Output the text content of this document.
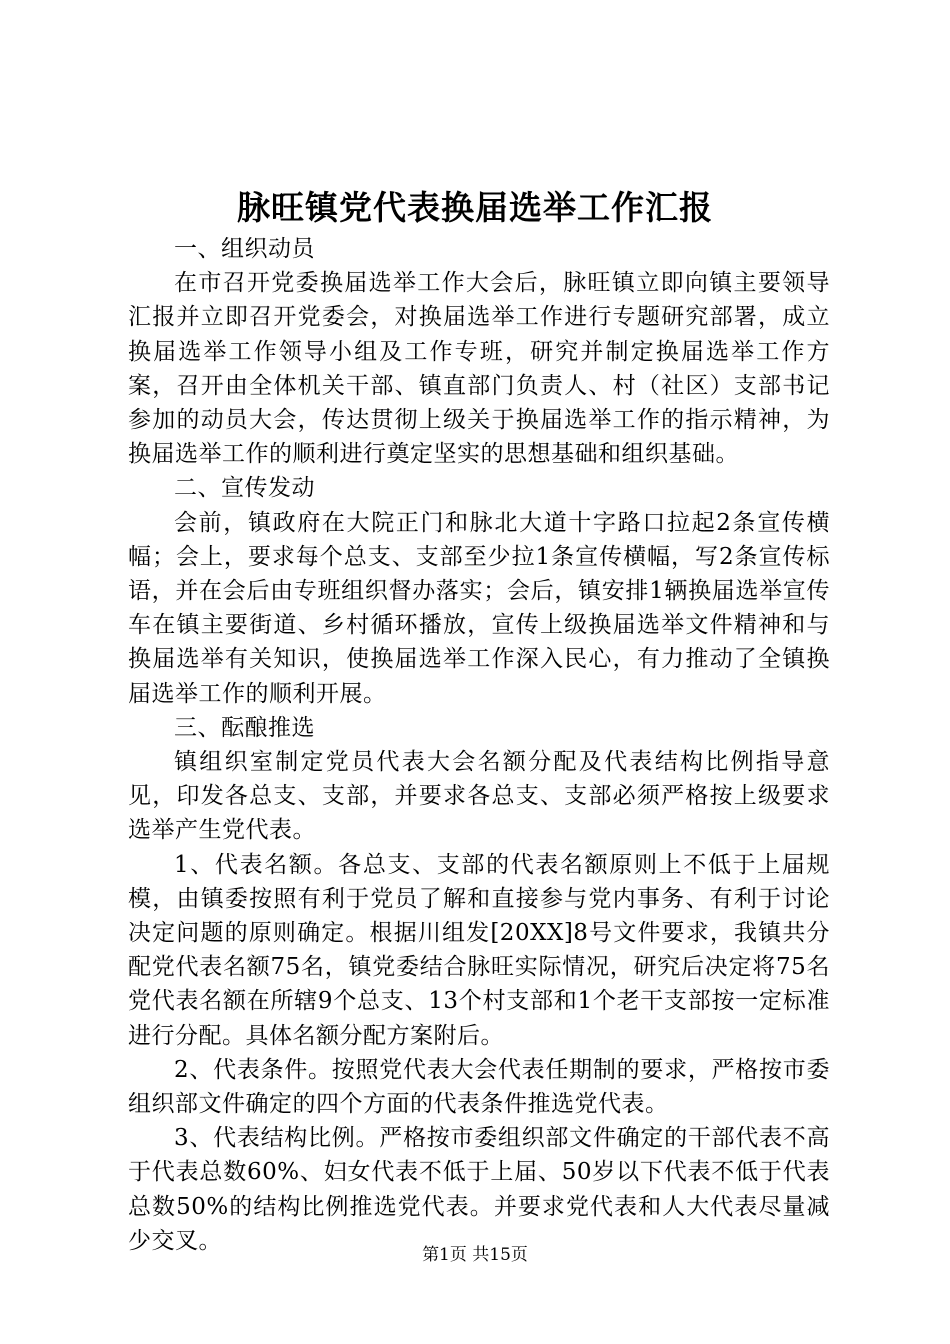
脉旺镇党代表换届选举工作汇报

一、组织动员

在市召开党委换届选举工作大会后，脉旺镇立即向镇主要领导汇报并立即召开党委会，对换届选举工作进行专题研究部署，成立换届选举工作领导小组及工作专班，研究并制定换届选举工作方案，召开由全体机关干部、镇直部门负责人、村（社区）支部书记参加的动员大会，传达贯彻上级关于换届选举工作的指示精神，为换届选举工作的顺利进行奠定坚实的思想基础和组织基础。

二、宣传发动

会前，镇政府在大院正门和脉北大道十字路口拉起2条宣传横幅；会上，要求每个总支、支部至少拉1条宣传横幅，写2条宣传标语，并在会后由专班组织督办落实；会后，镇安排1辆换届选举宣传车在镇主要街道、乡村循环播放，宣传上级换届选举文件精神和与换届选举有关知识，使换届选举工作深入民心，有力推动了全镇换届选举工作的顺利开展。

三、酝酿推选

镇组织室制定党员代表大会名额分配及代表结构比例指导意见，印发各总支、支部，并要求各总支、支部必须严格按上级要求选举产生党代表。

1、代表名额。各总支、支部的代表名额原则上不低于上届规模，由镇委按照有利于党员了解和直接参与党内事务、有利于讨论决定问题的原则确定。根据川组发[20XX]8号文件要求，我镇共分配党代表名额75名，镇党委结合脉旺实际情况，研究后决定将75名党代表名额在所辖9个总支、13个村支部和1个老干支部按一定标准进行分配。具体名额分配方案附后。

2、代表条件。按照党代表大会代表任期制的要求，严格按市委组织部文件确定的四个方面的代表条件推选党代表。

3、代表结构比例。严格按市委组织部文件确定的干部代表不高于代表总数60%、妇女代表不低于上届、50岁以下代表不低于代表总数50%的结构比例推选党代表。并要求党代表和人大代表尽量减少交叉。

第1页 共15页
